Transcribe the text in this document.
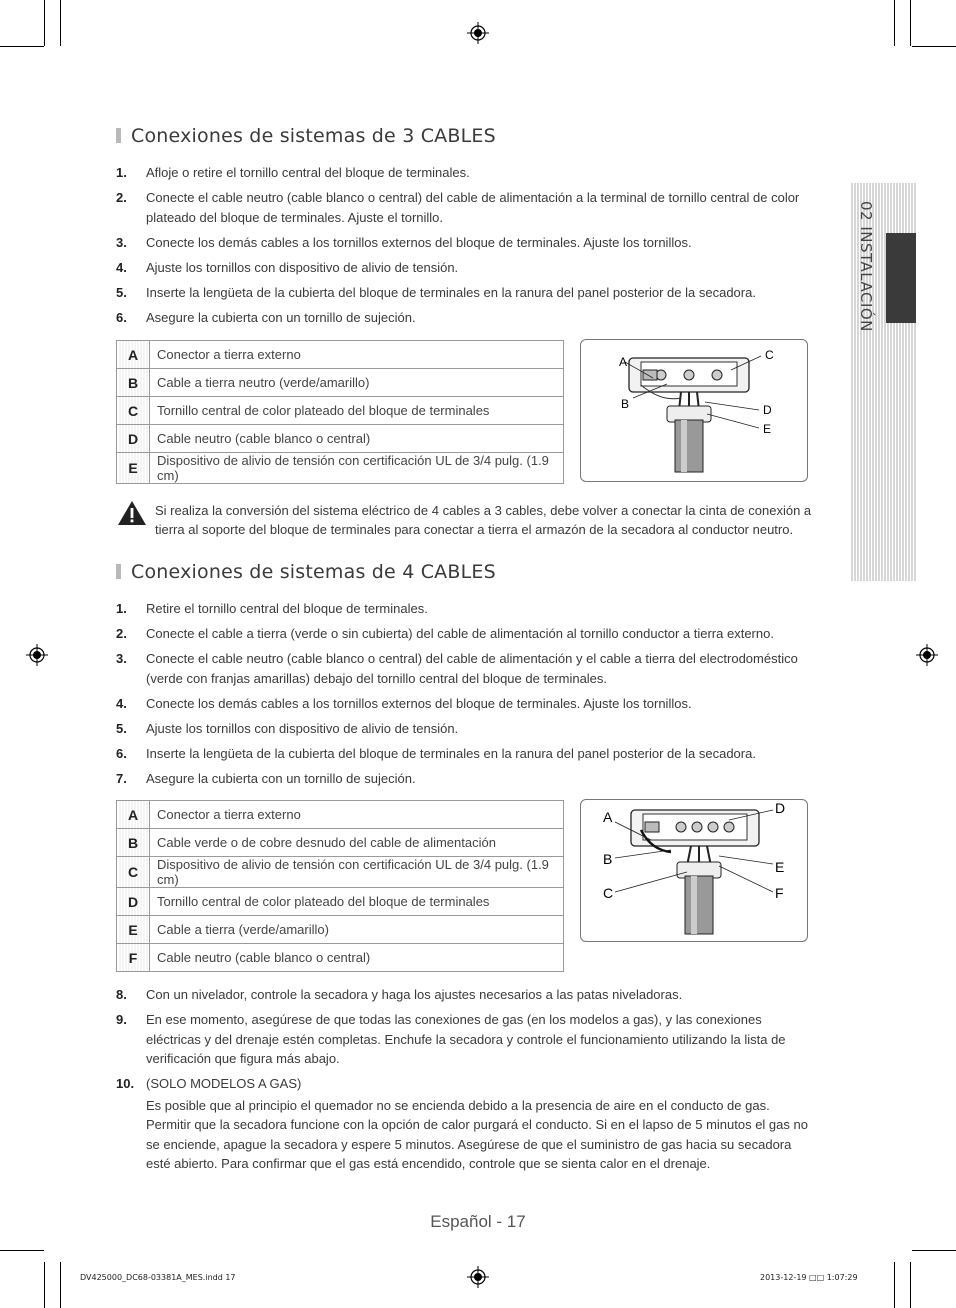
02 INSTALACIÓN
Conexiones de sistemas de 3 CABLES
1. Afloje o retire el tornillo central del bloque de terminales.
2. Conecte el cable neutro (cable blanco o central) del cable de alimentación a la terminal de tornillo central de color plateado del bloque de terminales. Ajuste el tornillo.
3. Conecte los demás cables a los tornillos externos del bloque de terminales. Ajuste los tornillos.
4. Ajuste los tornillos con dispositivo de alivio de tensión.
5. Inserte la lengüeta de la cubierta del bloque de terminales en la ranura del panel posterior de la secadora.
6. Asegure la cubierta con un tornillo de sujeción.
A	Conector a tierra externo
B	Cable a tierra neutro (verde/amarillo)
C	Tornillo central de color plateado del bloque de terminales
D	Cable neutro (cable blanco o central)
E	Dispositivo de alivio de tensión con certificación UL de 3/4 pulg. (1.9 cm)
A	C
B	D
E
Si realiza la conversión del sistema eléctrico de 4 cables a 3 cables, debe volver a conectar la cinta de conexión a tierra al soporte del bloque de terminales para conectar a tierra el armazón de la secadora al conductor neutro.
Conexiones de sistemas de 4 CABLES
1. Retire el tornillo central del bloque de terminales.
2. Conecte el cable a tierra (verde o sin cubierta) del cable de alimentación al tornillo conductor a tierra externo.
3. Conecte el cable neutro (cable blanco o central) del cable de alimentación y el cable a tierra del electrodoméstico (verde con franjas amarillas) debajo del tornillo central del bloque de terminales.
4. Conecte los demás cables a los tornillos externos del bloque de terminales. Ajuste los tornillos.
5. Ajuste los tornillos con dispositivo de alivio de tensión.
6. Inserte la lengüeta de la cubierta del bloque de terminales en la ranura del panel posterior de la secadora.
7. Asegure la cubierta con un tornillo de sujeción.
A	Conector a tierra externo
B	Cable verde o de cobre desnudo del cable de alimentación
C	Dispositivo de alivio de tensión con certificación UL de 3/4 pulg. (1.9 cm)
D	Tornillo central de color plateado del bloque de terminales
E	Cable a tierra (verde/amarillo)
F	Cable neutro (cable blanco o central)
A
B
C
D
E
F
8. Con un nivelador, controle la secadora y haga los ajustes necesarios a las patas niveladoras.
9. En ese momento, asegúrese de que todas las conexiones de gas (en los modelos a gas), y las conexiones eléctricas y del drenaje estén completas. Enchufe la secadora y controle el funcionamiento utilizando la lista de verificación que figura más abajo.
10. (SOLO MODELOS A GAS)
Es posible que al principio el quemador no se encienda debido a la presencia de aire en el conducto de gas. Permitir que la secadora funcione con la opción de calor purgará el conducto. Si en el lapso de 5 minutos el gas no se enciende, apague la secadora y espere 5 minutos. Asegúrese de que el suministro de gas hacia su secadora esté abierto. Para confirmar que el gas está encendido, controle que se sienta calor en el drenaje.
Español - 17
DV425000_DC68-03381A_MES.indd 17	2013-12-19 □□ 1:07:29
